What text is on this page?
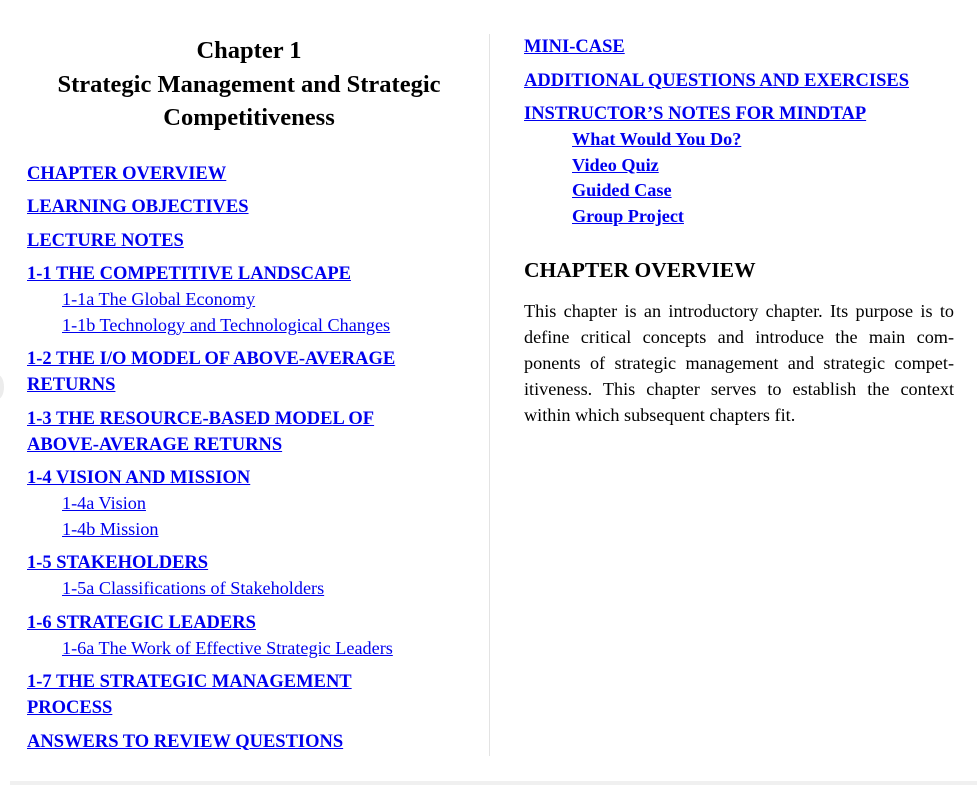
Chapter 1
Strategic Management and Strategic
Competitiveness
CHAPTER OVERVIEW
LEARNING OBJECTIVES
LECTURE NOTES
1-1 THE COMPETITIVE LANDSCAPE
1-1a The Global Economy
1-1b Technology and Technological Changes
1-2 THE I/O MODEL OF ABOVE-AVERAGE RETURNS
1-3 THE RESOURCE-BASED MODEL OF ABOVE-AVERAGE RETURNS
1-4 VISION AND MISSION
1-4a Vision
1-4b Mission
1-5 STAKEHOLDERS
1-5a Classifications of Stakeholders
1-6 STRATEGIC LEADERS
1-6a The Work of Effective Strategic Leaders
1-7 THE STRATEGIC MANAGEMENT PROCESS
ANSWERS TO REVIEW QUESTIONS
MINI-CASE
ADDITIONAL QUESTIONS AND EXERCISES
INSTRUCTOR’S NOTES FOR MINDTAP
What Would You Do?
Video Quiz
Guided Case
Group Project
CHAPTER OVERVIEW

This chapter is an introductory chapter. Its purpose is to define critical concepts and introduce the main components of strategic management and strategic competitiveness. This chapter serves to establish the context within which subsequent chapters fit.
